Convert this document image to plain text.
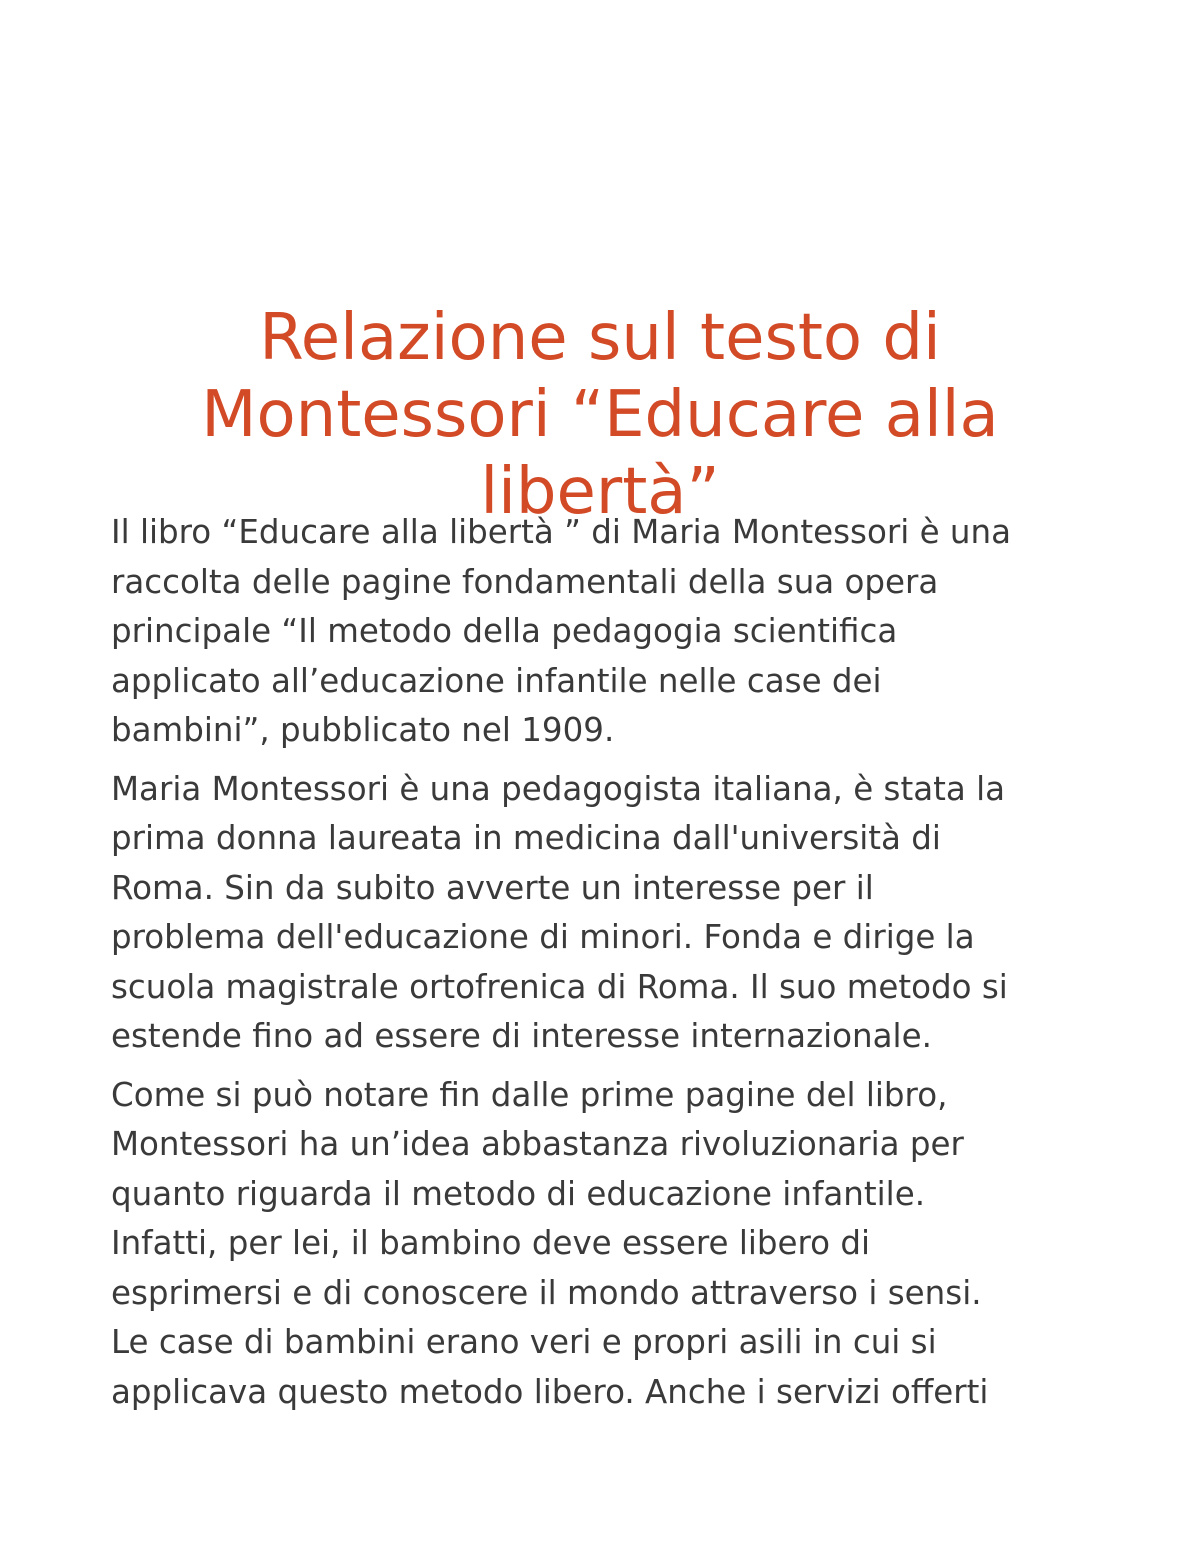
Relazione sul testo di
Montessori “Educare alla
libertà”

Il libro “Educare alla libertà ” di Maria Montessori è una
raccolta delle pagine fondamentali della sua opera
principale “Il metodo della pedagogia scientifica
applicato all’educazione infantile nelle case dei
bambini”, pubblicato nel 1909.

Maria Montessori è una pedagogista italiana, è stata la
prima donna laureata in medicina dall'università di
Roma. Sin da subito avverte un interesse per il
problema dell'educazione di minori. Fonda e dirige la
scuola magistrale ortofrenica di Roma. Il suo metodo si
estende fino ad essere di interesse internazionale.

Come si può notare fin dalle prime pagine del libro,
Montessori ha un’idea abbastanza rivoluzionaria per
quanto riguarda il metodo di educazione infantile.
Infatti, per lei, il bambino deve essere libero di
esprimersi e di conoscere il mondo attraverso i sensi.
Le case di bambini erano veri e propri asili in cui si
applicava questo metodo libero. Anche i servizi offerti
